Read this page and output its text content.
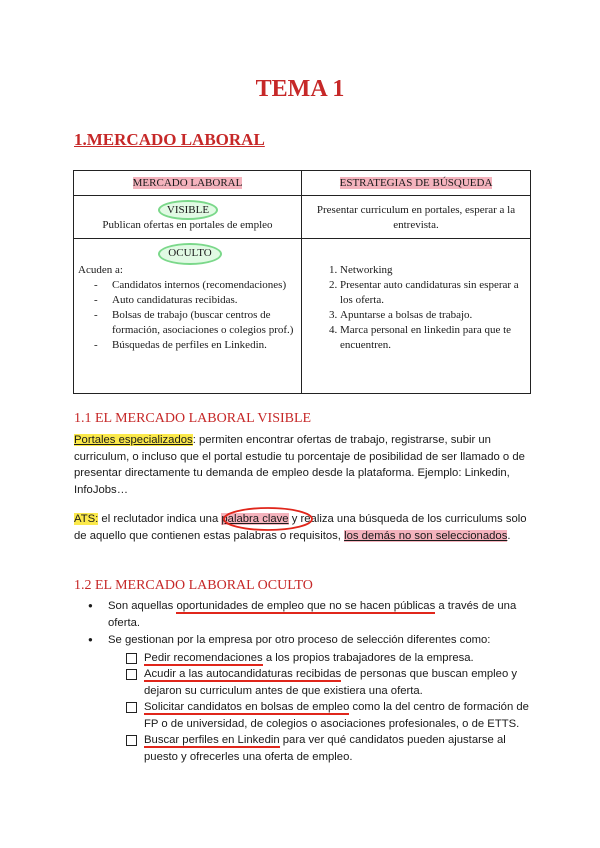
TEMA 1
1.MERCADO LABORAL
MERCADO LABORAL	ESTRATEGIAS DE BÚSQUEDA
VISIBLE
Publican ofertas en portales de empleo
Presentar curriculum en portales, esperar a la entrevista.
OCULTO
Acuden a:
- Candidatos internos (recomendaciones)
- Auto candidaturas recibidas.
- Bolsas de trabajo (buscar centros de formación, asociaciones o colegios prof.)
- Búsquedas de perfiles en Linkedin.
1. Networking
2. Presentar auto candidaturas sin esperar a los oferta.
3. Apuntarse a bolsas de trabajo.
4. Marca personal en linkedin para que te encuentren.
1.1 EL MERCADO LABORAL VISIBLE
Portales especializados: permiten encontrar ofertas de trabajo, registrarse, subir un curriculum, o incluso que el portal estudie tu porcentaje de posibilidad de ser llamado o de presentar directamente tu demanda de empleo desde la plataforma. Ejemplo: Linkedin, InfoJobs…
ATS: el reclutador indica una palabra clave y realiza una búsqueda de los curriculums solo de aquello que contienen estas palabras o requisitos, los demás no son seleccionados.
1.2 EL MERCADO LABORAL OCULTO
● Son aquellas oportunidades de empleo que no se hacen públicas a través de una oferta.
● Se gestionan por la empresa por otro proceso de selección diferentes como:
Pedir recomendaciones a los propios trabajadores de la empresa.
Acudir a las autocandidaturas recibidas de personas que buscan empleo y dejaron su curriculum antes de que existiera una oferta.
Solicitar candidatos en bolsas de empleo como la del centro de formación de FP o de universidad, de colegios o asociaciones profesionales, o de ETTS.
Buscar perfiles en Linkedin para ver qué candidatos pueden ajustarse al puesto y ofrecerles una oferta de empleo.
